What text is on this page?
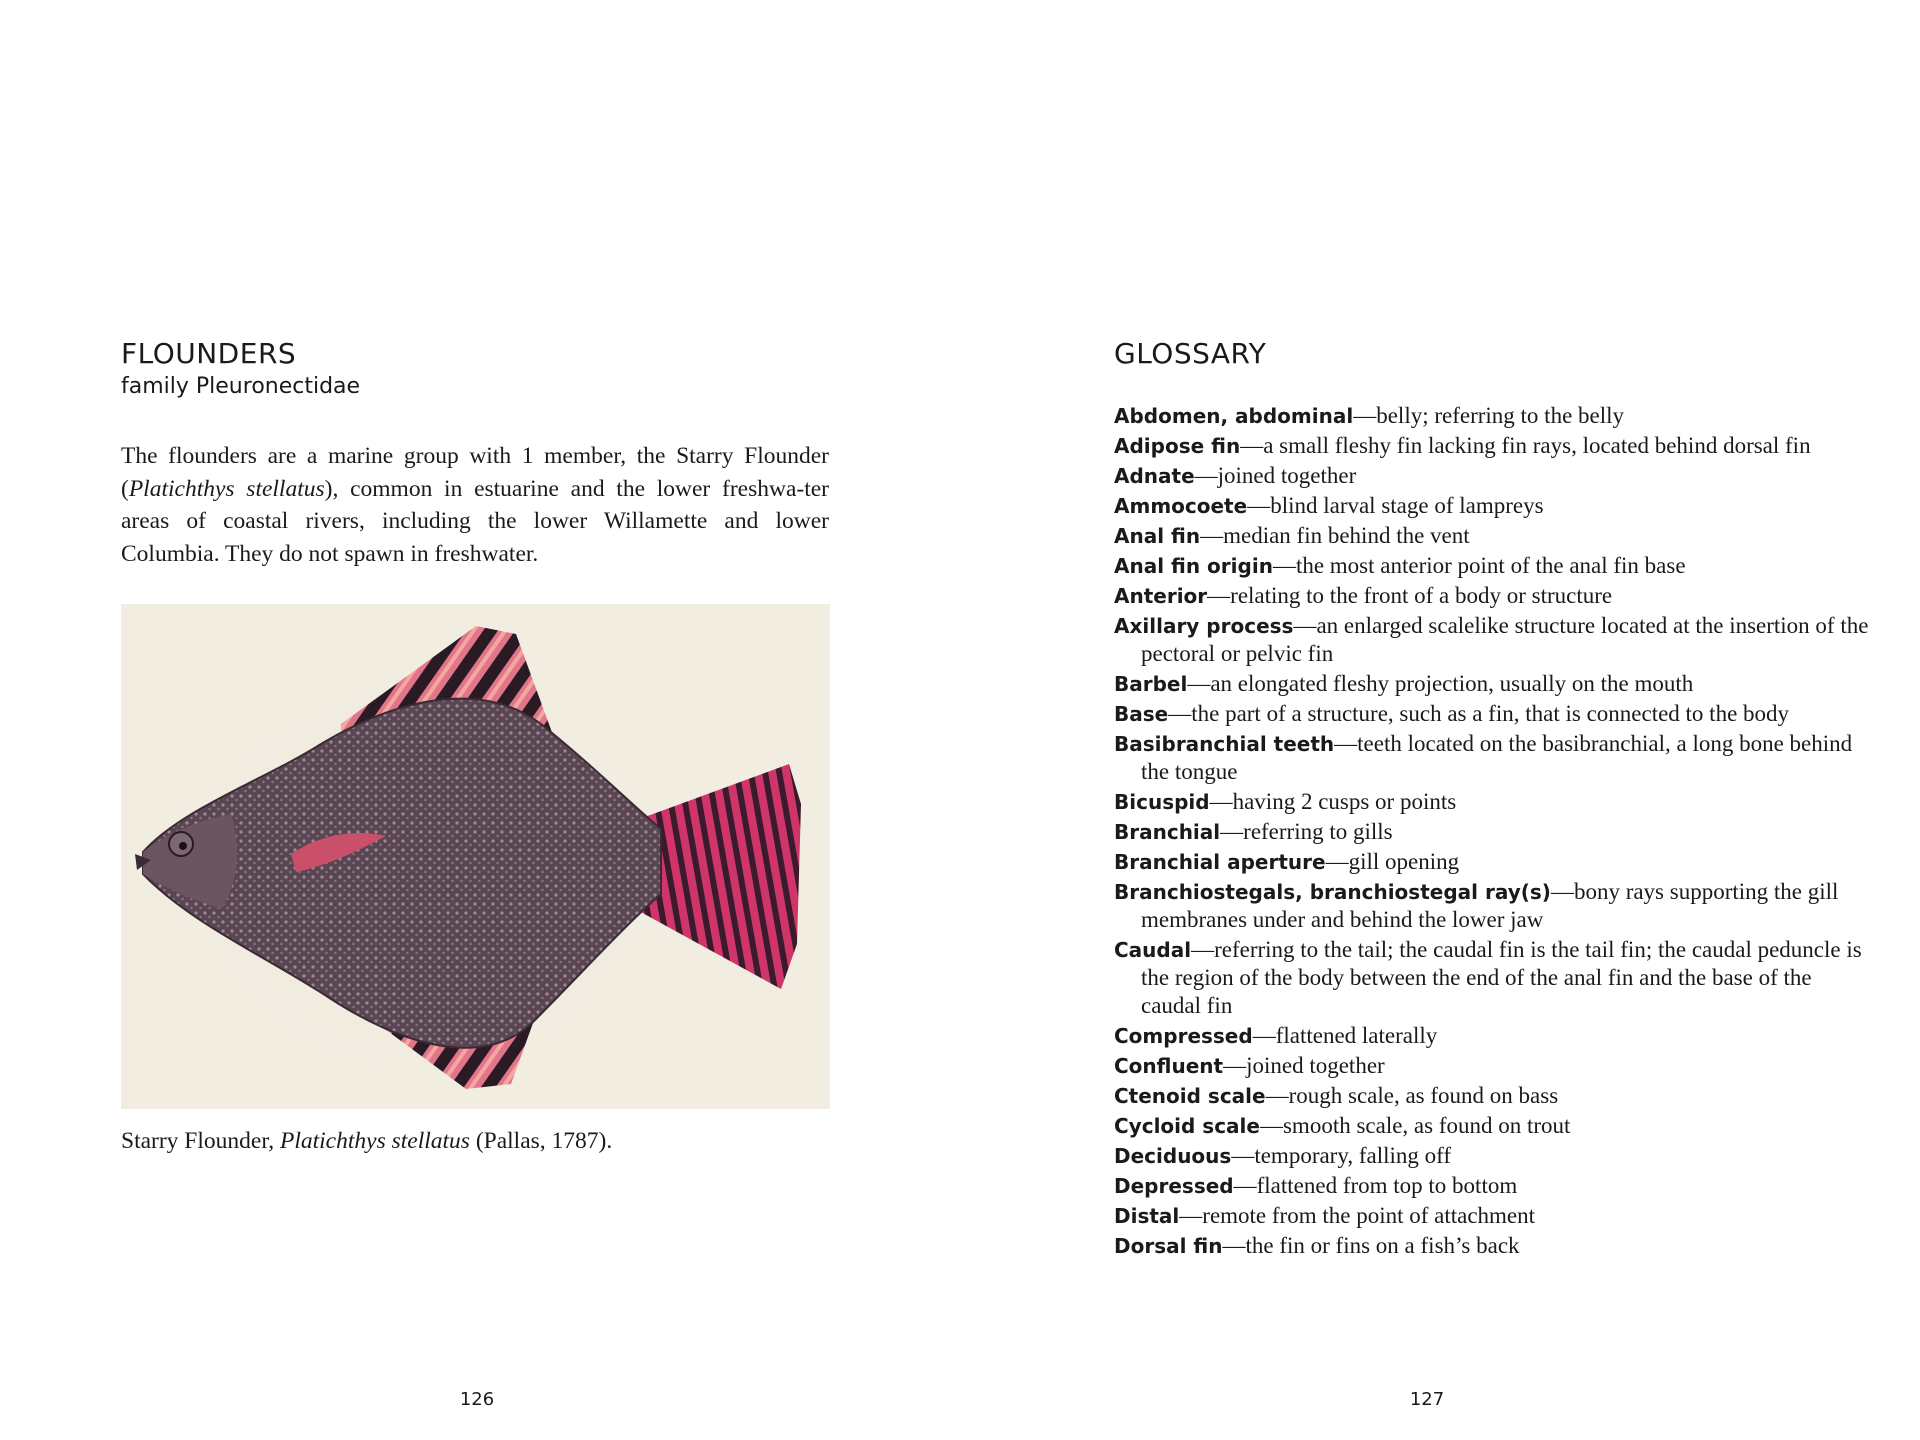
FLOUNDERS

family Pleuronectidae

The flounders are a marine group with 1 member, the Starry Flounder (Platichthys stellatus), common in estuarine and the lower freshwa-ter areas of coastal rivers, including the lower Willamette and lower Columbia. They do not spawn in freshwater.

Starry Flounder, Platichthys stellatus (Pallas, 1787).

126

GLOSSARY
Abdomen, abdominal—belly; referring to the belly
Adipose fin—a small fleshy fin lacking fin rays, located behind dorsal fin
Adnate—joined together
Ammocoete—blind larval stage of lampreys
Anal fin—median fin behind the vent
Anal fin origin—the most anterior point of the anal fin base
Anterior—relating to the front of a body or structure
Axillary process—an enlarged scalelike structure located at the insertion of the pectoral or pelvic fin
Barbel—an elongated fleshy projection, usually on the mouth
Base—the part of a structure, such as a fin, that is connected to the body
Basibranchial teeth—teeth located on the basibranchial, a long bone behind the tongue
Bicuspid—having 2 cusps or points
Branchial—referring to gills
Branchial aperture—gill opening
Branchiostegals, branchiostegal ray(s)—bony rays supporting the gill membranes under and behind the lower jaw
Caudal—referring to the tail; the caudal fin is the tail fin; the caudal peduncle is the region of the body between the end of the anal fin and the base of the caudal fin
Compressed—flattened laterally
Confluent—joined together
Ctenoid scale—rough scale, as found on bass
Cycloid scale—smooth scale, as found on trout
Deciduous—temporary, falling off
Depressed—flattened from top to bottom
Distal—remote from the point of attachment
Dorsal fin—the fin or fins on a fish’s back

127
